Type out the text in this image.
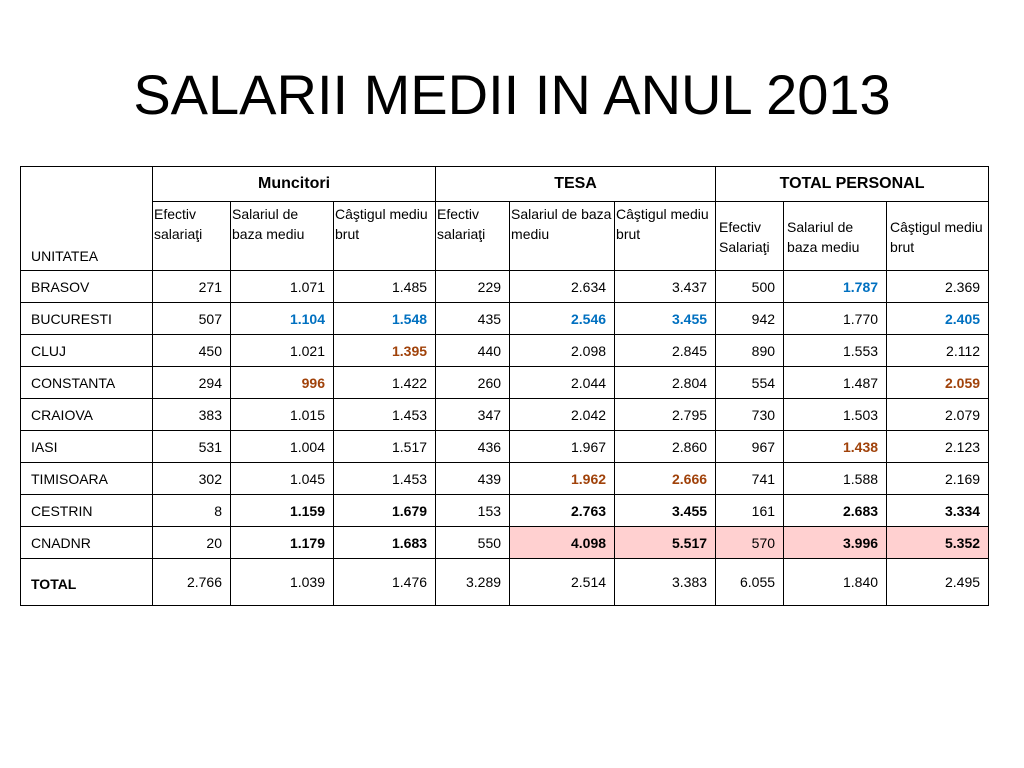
SALARII MEDII IN ANUL 2013
UNITATEA	Muncitori			TESA			TOTAL PERSONAL		
	Efectiv salariaţi	Salariul de baza mediu	Câştigul mediu brut	Efectiv salariaţi	Salariul de baza mediu	Câştigul mediu brut	Efectiv Salariaţi	Salariul de baza mediu	Câştigul mediu brut
BRASOV	271	1.071	1.485	229	2.634	3.437	500	1.787	2.369
BUCURESTI	507	1.104	1.548	435	2.546	3.455	942	1.770	2.405
CLUJ	450	1.021	1.395	440	2.098	2.845	890	1.553	2.112
CONSTANTA	294	996	1.422	260	2.044	2.804	554	1.487	2.059
CRAIOVA	383	1.015	1.453	347	2.042	2.795	730	1.503	2.079
IASI	531	1.004	1.517	436	1.967	2.860	967	1.438	2.123
TIMISOARA	302	1.045	1.453	439	1.962	2.666	741	1.588	2.169
CESTRIN	8	1.159	1.679	153	2.763	3.455	161	2.683	3.334
CNADNR	20	1.179	1.683	550	4.098	5.517	570	3.996	5.352
TOTAL	2.766	1.039	1.476	3.289	2.514	3.383	6.055	1.840	2.495
